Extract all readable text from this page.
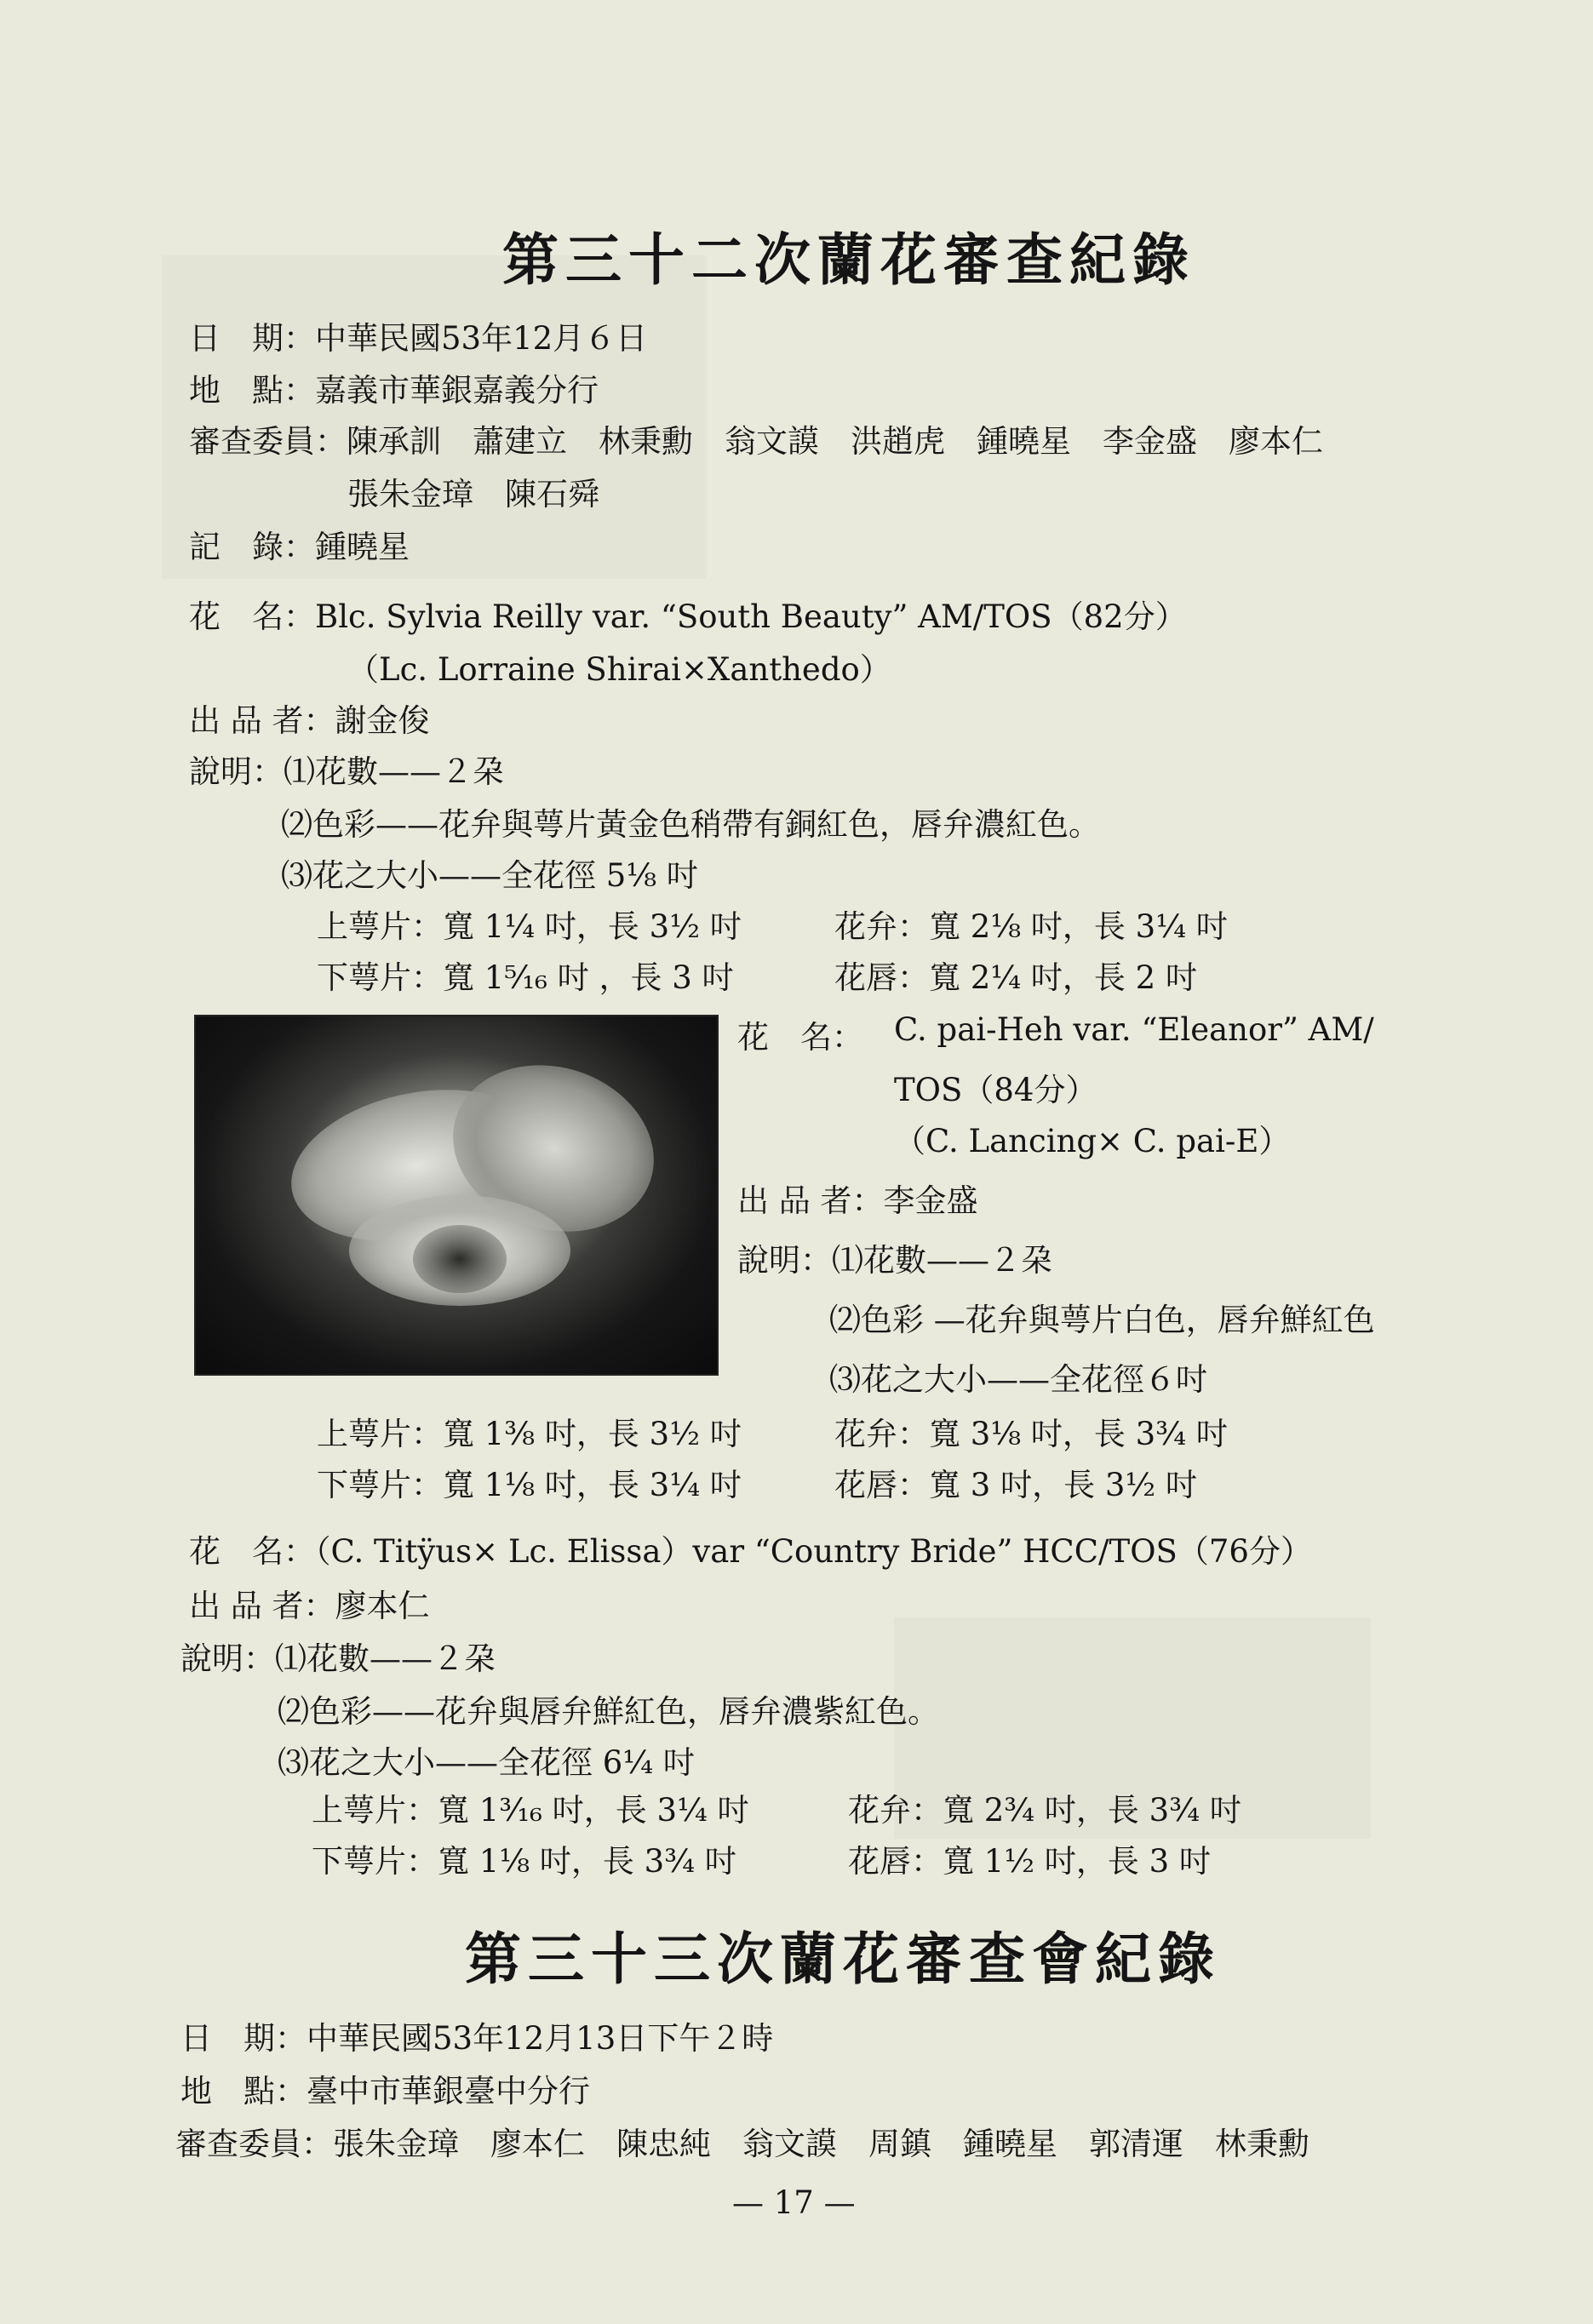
第三十二次蘭花審查紀錄
日　期：中華民國53年12月６日
地　點：嘉義市華銀嘉義分行
審查委員：陳承訓　蕭建立　林秉勳　翁文謨　洪趙虎　鍾曉星　李金盛　廖本仁
張朱金璋　陳石舜
記　錄：鍾曉星
花　名：Blc. Sylvia Reilly var. “South Beauty” AM/TOS（82分）
（Lc. Lorraine Shirai×Xanthedo）
出 品 者：謝金俊
說明：⑴花數——２朶
⑵色彩——花弁與萼片黃金色稍帶有銅紅色，唇弁濃紅色。
⑶花之大小——全花徑 5⅛ 吋
上萼片：寬 1¼ 吋，長 3½ 吋	花弁：寬 2⅛ 吋，長 3¼ 吋
下萼片：寬 1⁵⁄₁₆ 吋 ，長 3 吋	花唇：寬 2¼ 吋，長 2 吋
花　名： C. pai-Heh var. “Eleanor” AM/
TOS（84分）
（C. Lancing× C. pai-E）
出 品 者：李金盛
說明：⑴花數——２朶
⑵色彩 —花弁與萼片白色，唇弁鮮紅色
⑶花之大小——全花徑６吋
上萼片：寬 1⅜ 吋，長 3½ 吋	花弁：寬 3⅛ 吋，長 3¾ 吋
下萼片：寬 1⅛ 吋，長 3¼ 吋	花唇：寬 3 吋，長 3½ 吋
花　名：（C. Titÿus× Lc. Elissa）var “Country Bride” HCC/TOS（76分）
出 品 者：廖本仁
說明：⑴花數——２朶
⑵色彩——花弁與唇弁鮮紅色，唇弁濃紫紅色。
⑶花之大小——全花徑 6¼ 吋
上萼片：寬 1³⁄₁₆ 吋，長 3¼ 吋	花弁：寬 2¾ 吋，長 3¾ 吋
下萼片：寬 1⅛ 吋，長 3¾ 吋	花唇：寬 1½ 吋，長 3 吋
第三十三次蘭花審查會紀錄
日　期：中華民國53年12月13日下午２時
地　點：臺中市華銀臺中分行
審查委員：張朱金璋　廖本仁　陳忠純　翁文謨　周鎮　鍾曉星　郭清運　林秉勳
— 17 —
